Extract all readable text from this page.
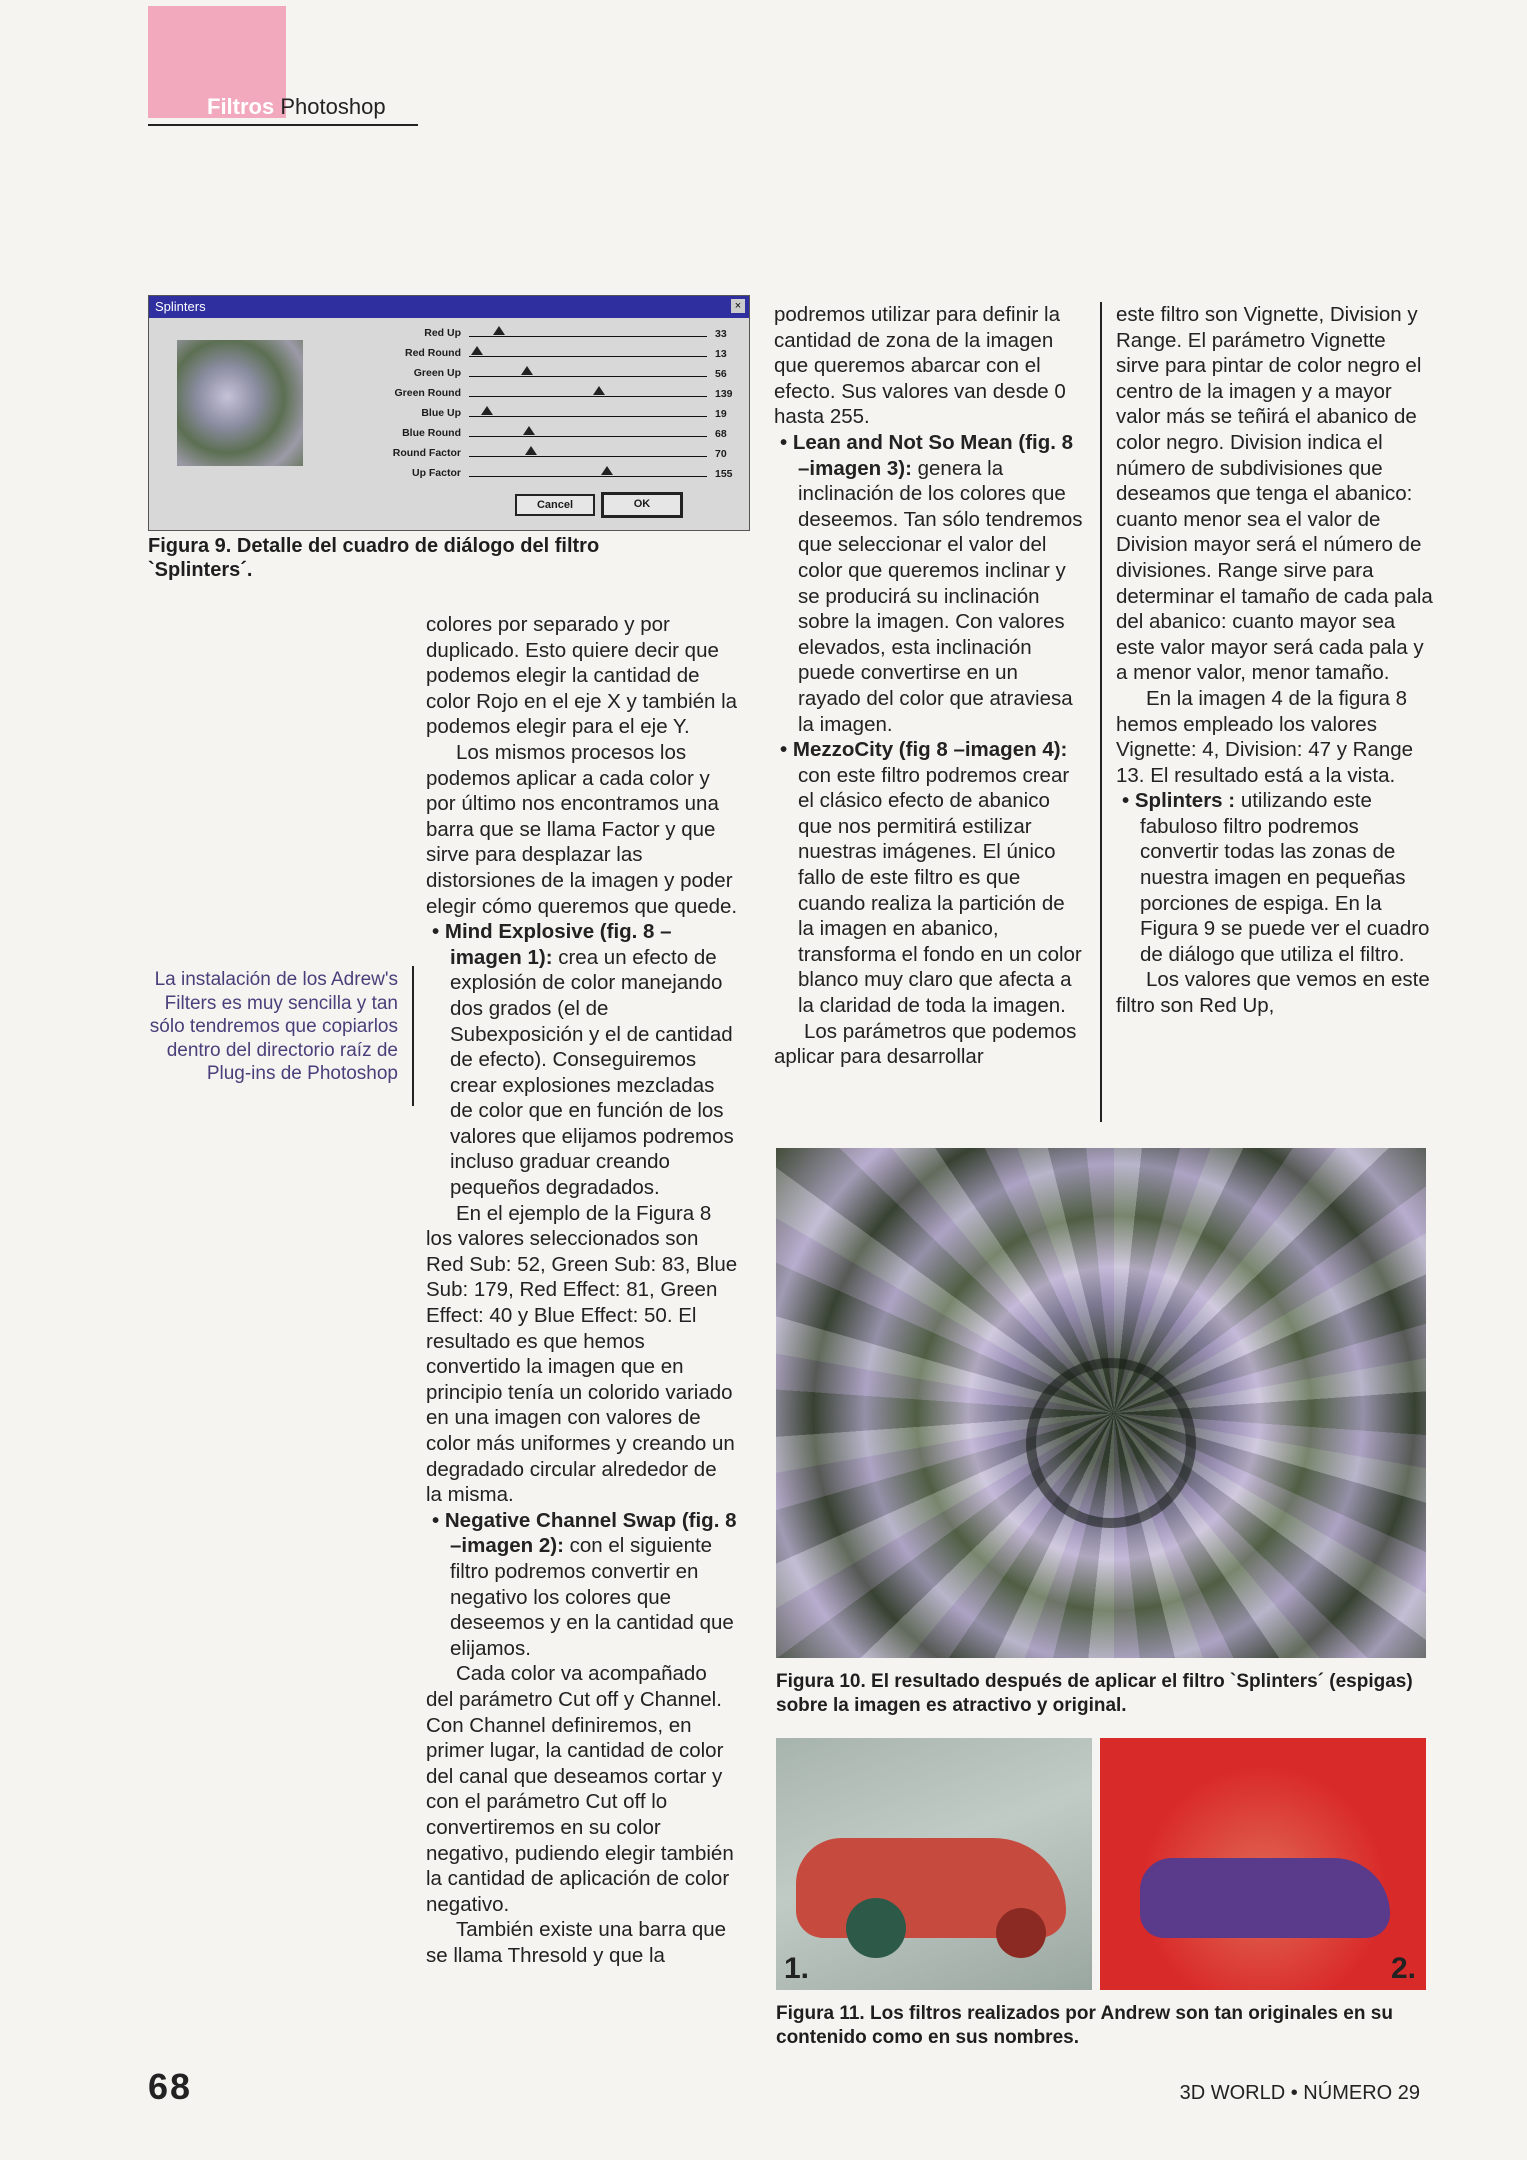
Filtros Photoshop
Splinters	×
Red Up	33
Red Round	13
Green Up	56
Green Round	139
Blue Up	19
Blue Round	68
Round Factor	70
Up Factor	155
Cancel	OK
Figura 9. Detalle del cuadro de diálogo del filtro `Splinters´.
La instalación de los Adrew's Filters es muy sencilla y tan sólo tendremos que copiarlos dentro del directorio raíz de Plug-ins de Photoshop

colores por separado y por duplicado. Esto quiere decir que podemos elegir la cantidad de color Rojo en el eje X y también la podemos elegir para el eje Y.

Los mismos procesos los podemos aplicar a cada color y por último nos encontramos una barra que se llama Factor y que sirve para desplazar las distorsiones de la imagen y poder elegir cómo queremos que quede.

• Mind Explosive (fig. 8 –imagen 1): crea un efecto de explosión de color manejando dos grados (el de Subexposición y el de cantidad de efecto). Conseguiremos crear explosiones mezcladas de color que en función de los valores que elijamos podremos incluso graduar creando pequeños degradados.

En el ejemplo de la Figura 8 los valores seleccionados son Red Sub: 52, Green Sub: 83, Blue Sub: 179, Red Effect: 81, Green Effect: 40 y Blue Effect: 50. El resultado es que hemos convertido la imagen que en principio tenía un colorido variado en una imagen con valores de color más uniformes y creando un degradado circular alrededor de la misma.

• Negative Channel Swap (fig. 8 –imagen 2): con el siguiente filtro podremos convertir en negativo los colores que deseemos y en la cantidad que elijamos.

Cada color va acompañado del parámetro Cut off y Channel. Con Channel definiremos, en primer lugar, la cantidad de color del canal que deseamos cortar y con el parámetro Cut off lo convertiremos en su color negativo, pudiendo elegir también la cantidad de aplicación de color negativo.

También existe una barra que se llama Thresold y que la

podremos utilizar para definir la cantidad de zona de la imagen que queremos abarcar con el efecto. Sus valores van desde 0 hasta 255.

• Lean and Not So Mean (fig. 8 –imagen 3): genera la inclinación de los colores que deseemos. Tan sólo tendremos que seleccionar el valor del color que queremos inclinar y se producirá su inclinación sobre la imagen. Con valores elevados, esta inclinación puede convertirse en un rayado del color que atraviesa la imagen.

• MezzoCity (fig 8 –imagen 4): con este filtro podremos crear el clásico efecto de abanico que nos permitirá estilizar nuestras imágenes. El único fallo de este filtro es que cuando realiza la partición de la imagen en abanico, transforma el fondo en un color blanco muy claro que afecta a la claridad de toda la imagen.

Los parámetros que podemos aplicar para desarrollar

este filtro son Vignette, Division y Range. El parámetro Vignette sirve para pintar de color negro el centro de la imagen y a mayor valor más se teñirá el abanico de color negro. Division indica el número de subdivisiones que deseamos que tenga el abanico: cuanto menor sea el valor de Division mayor será el número de divisiones. Range sirve para determinar el tamaño de cada pala del abanico: cuanto mayor sea este valor mayor será cada pala y a menor valor, menor tamaño.

En la imagen 4 de la figura 8 hemos empleado los valores Vignette: 4, Division: 47 y Range 13. El resultado está a la vista.

• Splinters : utilizando este fabuloso filtro podremos convertir todas las zonas de nuestra imagen en pequeñas porciones de espiga. En la Figura 9 se puede ver el cuadro de diálogo que utiliza el filtro.

Los valores que vemos en este filtro son Red Up,

Figura 10. El resultado después de aplicar el filtro `Splinters´ (espigas) sobre la imagen es atractivo y original.
1.	2.
Figura 11. Los filtros realizados por Andrew son tan originales en su contenido como en sus nombres.
68	3D WORLD • NÚMERO 29
